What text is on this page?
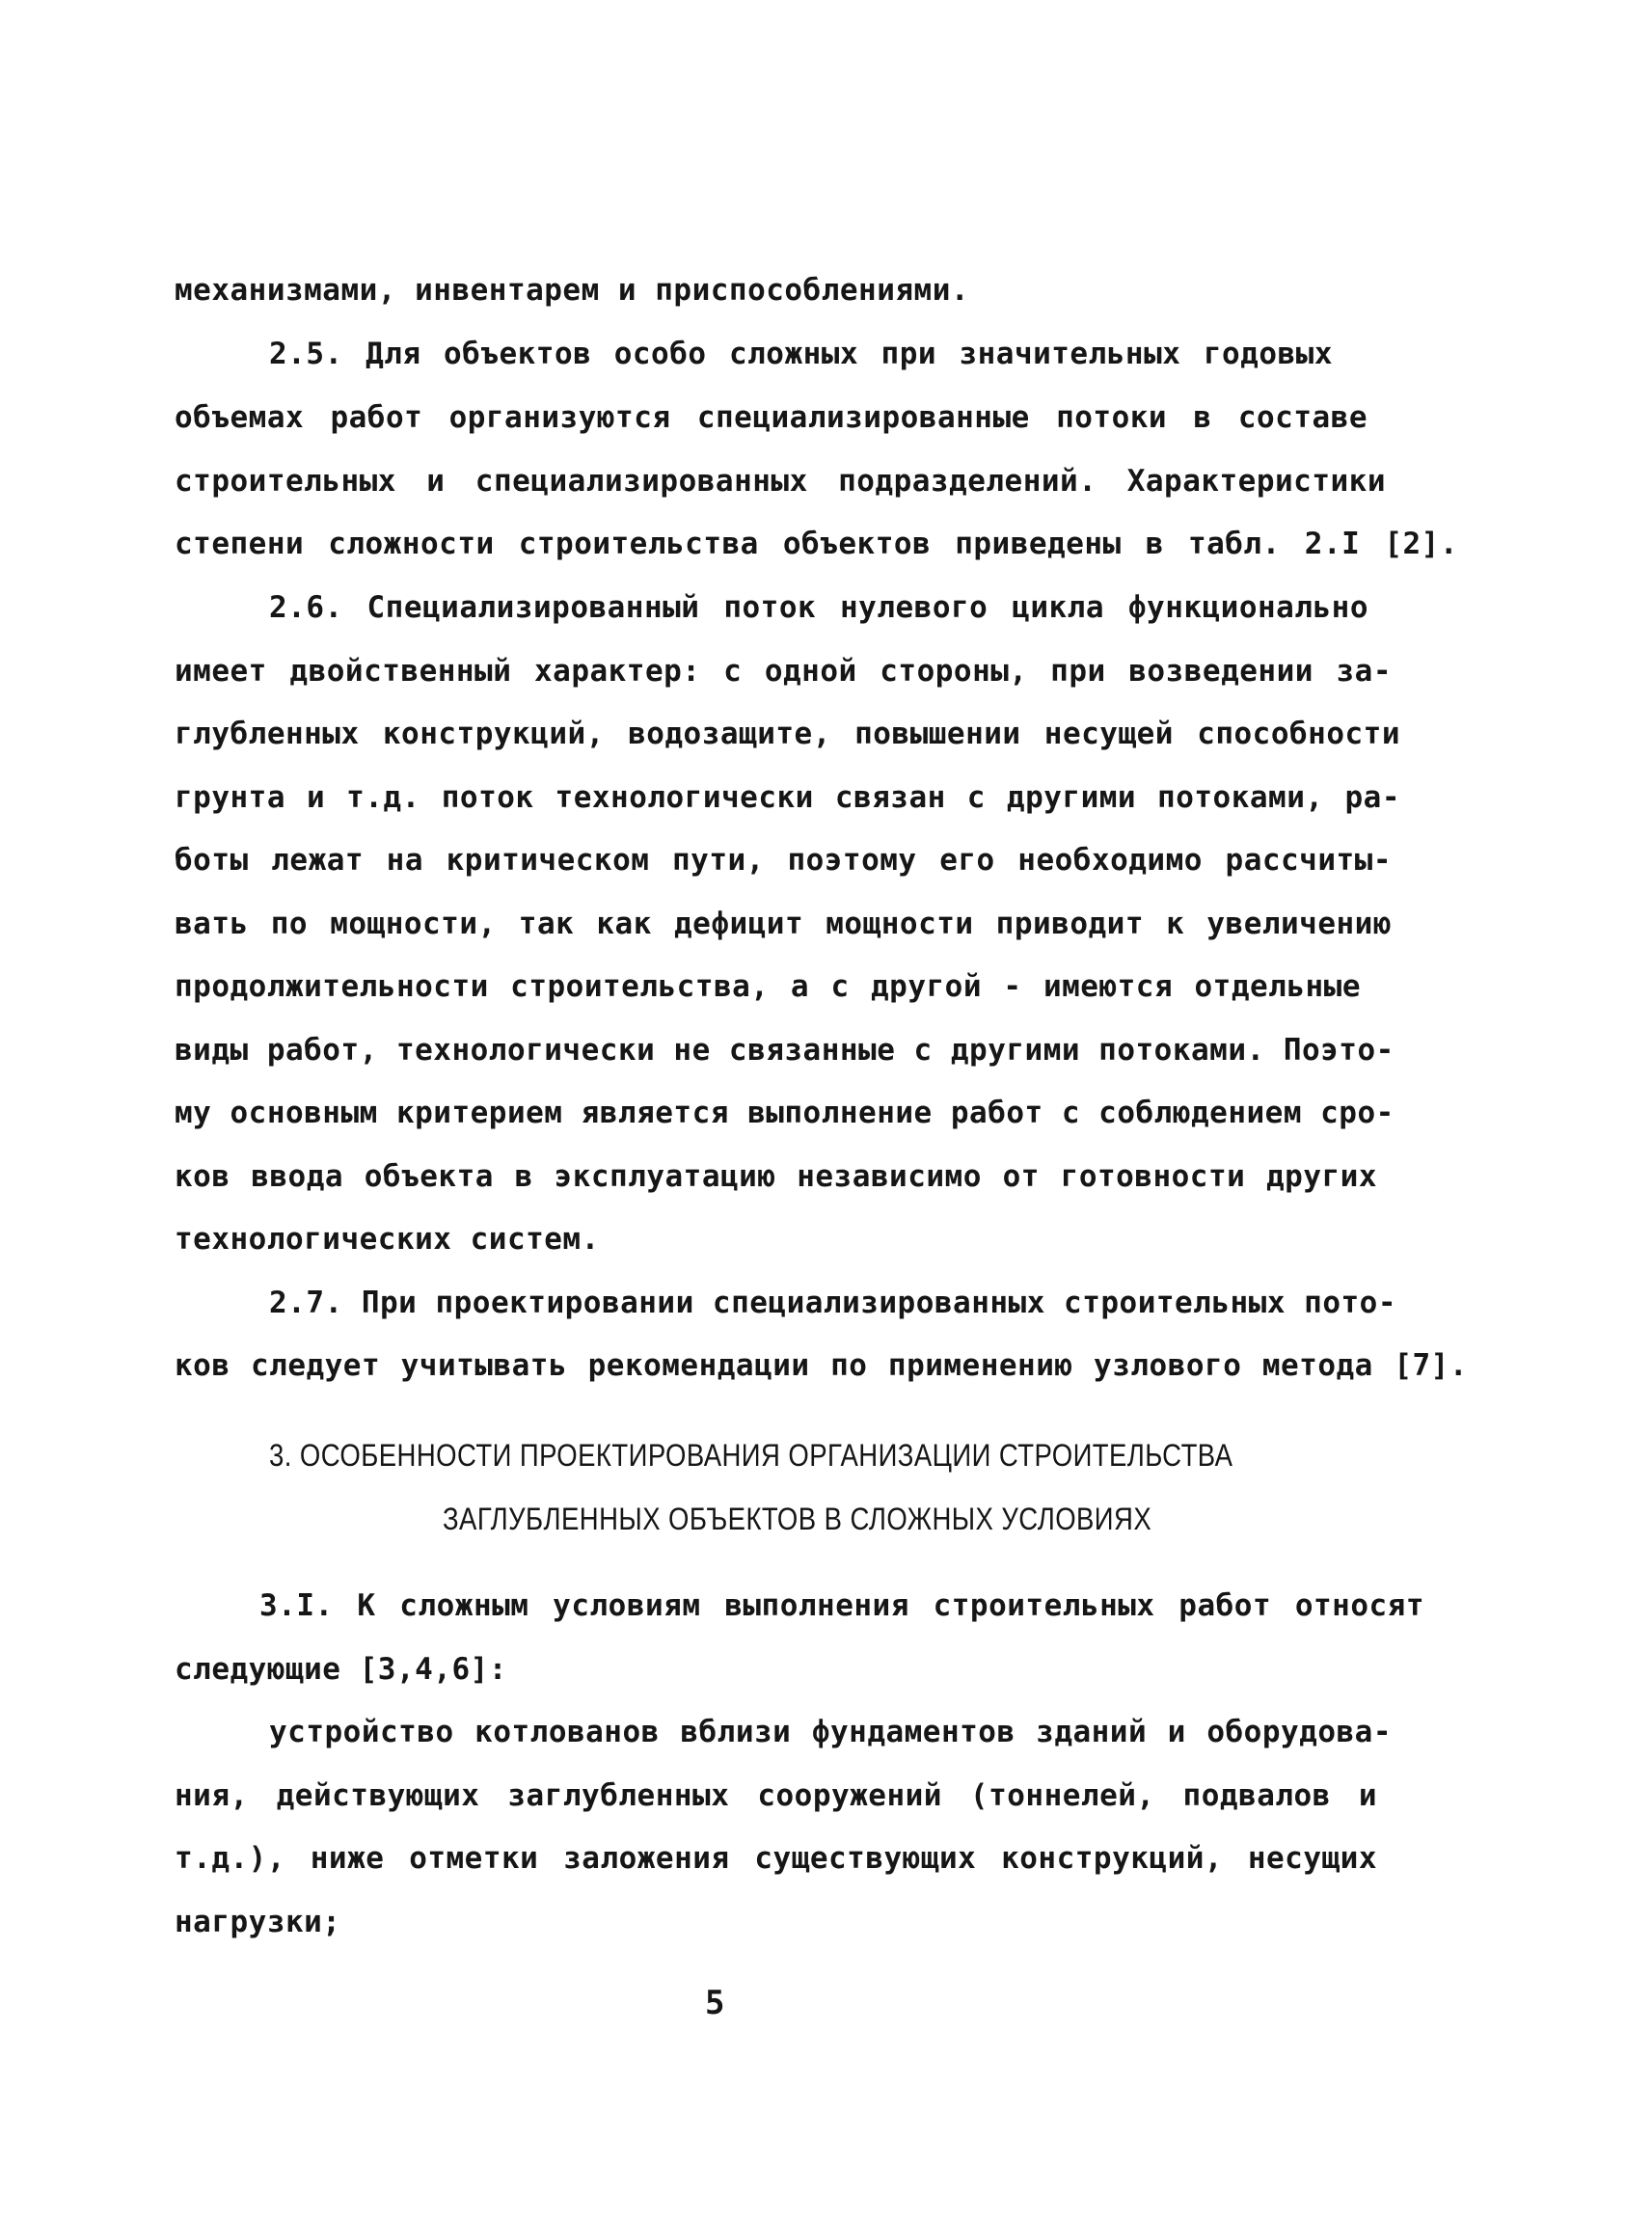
механизмами, инвентарем и приспособлениями.
2.5. Для объектов особо сложных при значительных годовых
объемах работ организуются специализированные потоки в составе
строительных и специализированных подразделений. Характеристики
степени сложности строительства объектов приведены в табл. 2.I [2].
2.6. Специализированный поток нулевого цикла функционально
имеет двойственный характер: с одной стороны, при возведении за-
глубленных конструкций, водозащите, повышении несущей способности
грунта и т.д. поток технологически связан с другими потоками, ра-
боты лежат на критическом пути, поэтому его необходимо рассчиты-
вать по мощности, так как дефицит мощности приводит к увеличению
продолжительности строительства, а с другой - имеются отдельные
виды работ, технологически не связанные с другими потоками. Поэто-
му основным критерием является выполнение работ с соблюдением сро-
ков ввода объекта в эксплуатацию независимо от готовности других
технологических систем.
2.7. При проектировании специализированных строительных пото-
ков следует учитывать рекомендации по применению узлового метода [7].
3. ОСОБЕННОСТИ ПРОЕКТИРОВАНИЯ ОРГАНИЗАЦИИ СТРОИТЕЛЬСТВА
ЗАГЛУБЛЕННЫХ ОБЪЕКТОВ В СЛОЖНЫХ УСЛОВИЯХ
3.I. К сложным условиям выполнения строительных работ относят
следующие [3,4,6]:
устройство котлованов вблизи фундаментов зданий и оборудова-
ния, действующих заглубленных сооружений (тоннелей, подвалов и
т.д.), ниже отметки заложения существующих конструкций, несущих
нагрузки;
5
